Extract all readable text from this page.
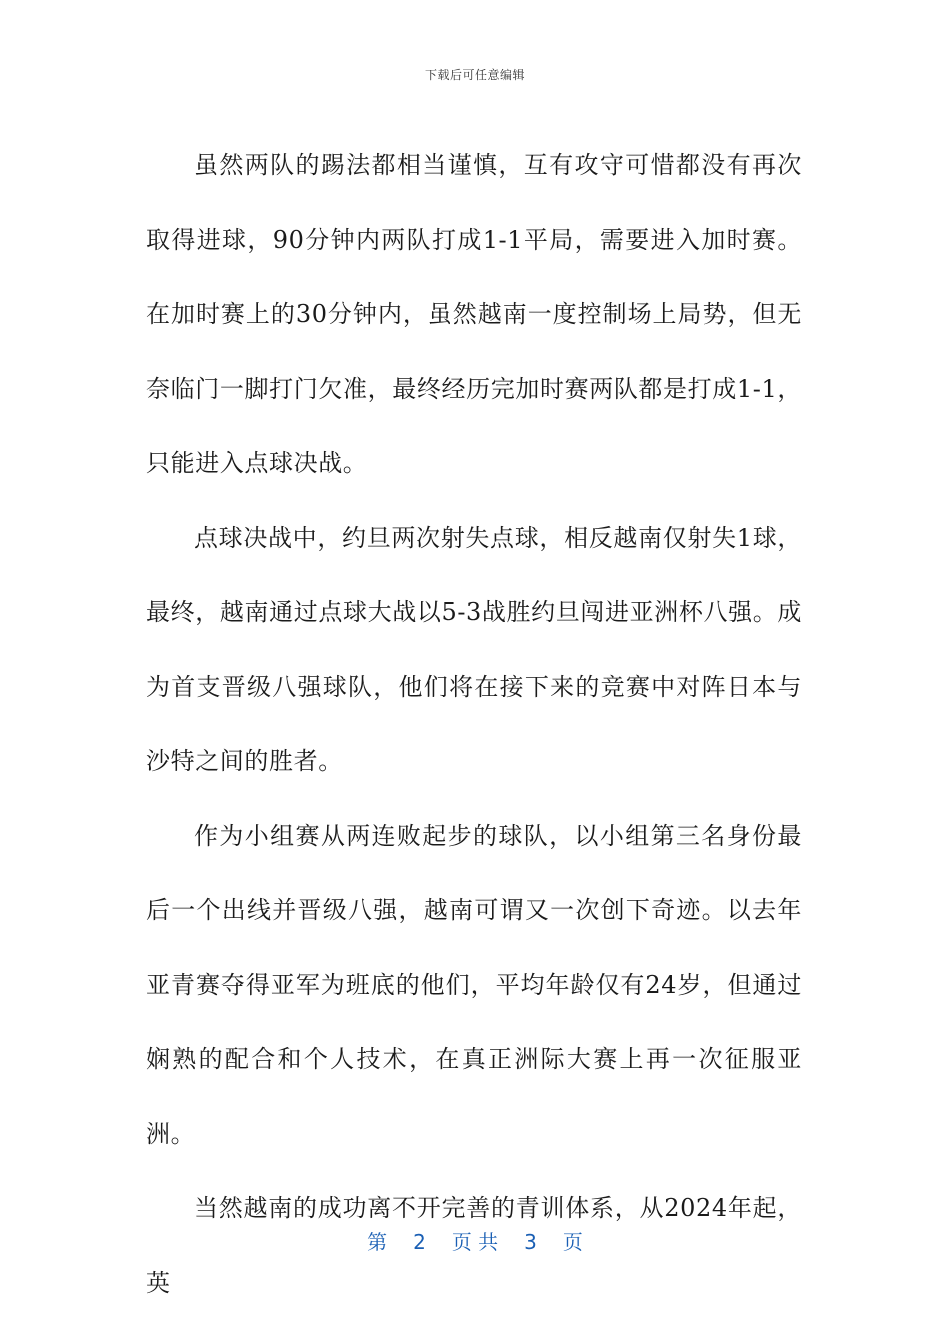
下载后可任意编辑

虽然两队的踢法都相当谨慎，互有攻守可惜都没有再次取得进球，90分钟内两队打成1-1平局，需要进入加时赛。在加时赛上的30分钟内，虽然越南一度控制场上局势，但无奈临门一脚打门欠准，最终经历完加时赛两队都是打成1-1，只能进入点球决战。

点球决战中，约旦两次射失点球，相反越南仅射失1球，最终，越南通过点球大战以5-3战胜约旦闯进亚洲杯八强。成为首支晋级八强球队，他们将在接下来的竞赛中对阵日本与沙特之间的胜者。

作为小组赛从两连败起步的球队，以小组第三名身份最后一个出线并晋级八强，越南可谓又一次创下奇迹。以去年亚青赛夺得亚军为班底的他们，平均年龄仅有24岁，但通过娴熟的配合和个人技术，在真正洲际大赛上再一次征服亚洲。

当然越南的成功离不开完善的青训体系，从2024年起，英

第 2 页 共 3 页
